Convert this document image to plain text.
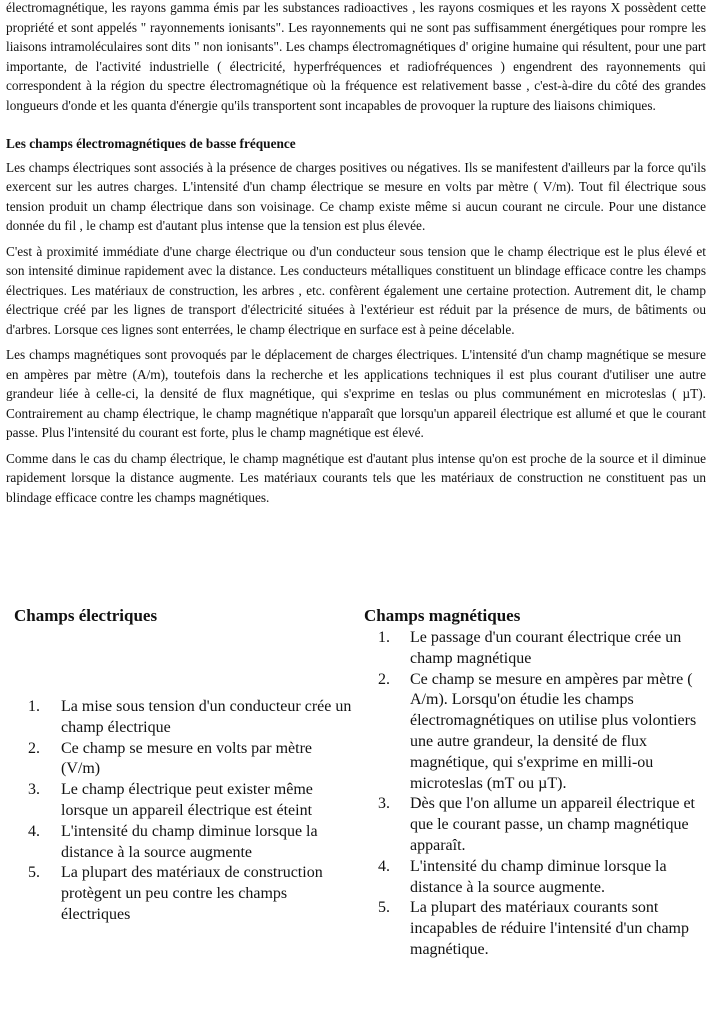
électromagnétique, les rayons gamma émis par les substances radioactives , les rayons cosmiques et les rayons X possèdent cette propriété et sont appelés " rayonnements ionisants". Les rayonnements qui ne sont pas suffisamment énergétiques pour rompre les liaisons intramoléculaires sont dits " non ionisants". Les champs électromagnétiques d' origine humaine qui résultent, pour une part importante, de l'activité industrielle ( électricité, hyperfréquences et radiofréquences ) engendrent des rayonnements qui correspondent à la région du spectre électromagnétique où la fréquence est relativement basse , c'est-à-dire du côté des grandes longueurs d'onde et les quanta d'énergie qu'ils transportent sont incapables de provoquer la rupture des liaisons chimiques.

Les champs électromagnétiques de basse fréquence

Les champs électriques sont associés à la présence de charges positives ou négatives. Ils se manifestent d'ailleurs par la force qu'ils exercent sur les autres charges. L'intensité d'un champ électrique se mesure en volts par mètre ( V/m). Tout fil électrique sous tension produit un champ électrique dans son voisinage. Ce champ existe même si aucun courant ne circule. Pour une distance donnée du fil , le champ est d'autant plus intense que la tension est plus élevée.

C'est à proximité immédiate d'une charge électrique ou d'un conducteur sous tension que le champ électrique est le plus élevé et son intensité diminue rapidement avec la distance. Les conducteurs métalliques constituent un blindage efficace contre les champs électriques. Les matériaux de construction, les arbres , etc. confèrent également une certaine protection. Autrement dit, le champ électrique créé par les lignes de transport d'électricité situées à l'extérieur est réduit par la présence de murs, de bâtiments ou d'arbres. Lorsque ces lignes sont enterrées, le champ électrique en surface est à peine décelable.

Les champs magnétiques sont provoqués par le déplacement de charges électriques. L'intensité d'un champ magnétique se mesure en ampères par mètre (A/m), toutefois dans la recherche et les applications techniques il est plus courant d'utiliser une autre grandeur liée à celle-ci, la densité de flux magnétique, qui s'exprime en teslas ou plus communément en microteslas ( µT). Contrairement au champ électrique, le champ magnétique n'apparaît que lorsqu'un appareil électrique est allumé et que le courant passe. Plus l'intensité du courant est forte, plus le champ magnétique est élevé.

Comme dans le cas du champ électrique, le champ magnétique est d'autant plus intense qu'on est proche de la source et il diminue rapidement lorsque la distance augmente. Les matériaux courants tels que les matériaux de construction ne constituent pas un blindage efficace contre les champs magnétiques.

Champs électriques
1. La mise sous tension d'un conducteur crée un champ électrique
2. Ce champ se mesure en volts par mètre (V/m)
3. Le champ électrique peut exister même lorsque un appareil électrique est éteint
4. L'intensité du champ diminue lorsque la distance à la source augmente
5. La plupart des matériaux de construction protègent un peu contre les champs électriques
Champs magnétiques
1. Le passage d'un courant électrique crée un champ magnétique
2. Ce champ se mesure en ampères par mètre ( A/m). Lorsqu'on étudie les champs électromagnétiques on utilise plus volontiers une autre grandeur, la densité de flux magnétique, qui s'exprime en milli-ou microteslas (mT ou µT).
3. Dès que l'on allume un appareil électrique et que le courant passe, un champ magnétique apparaît.
4. L'intensité du champ diminue lorsque la distance à la source augmente.
5. La plupart des matériaux courants sont incapables de réduire l'intensité d'un champ magnétique.
